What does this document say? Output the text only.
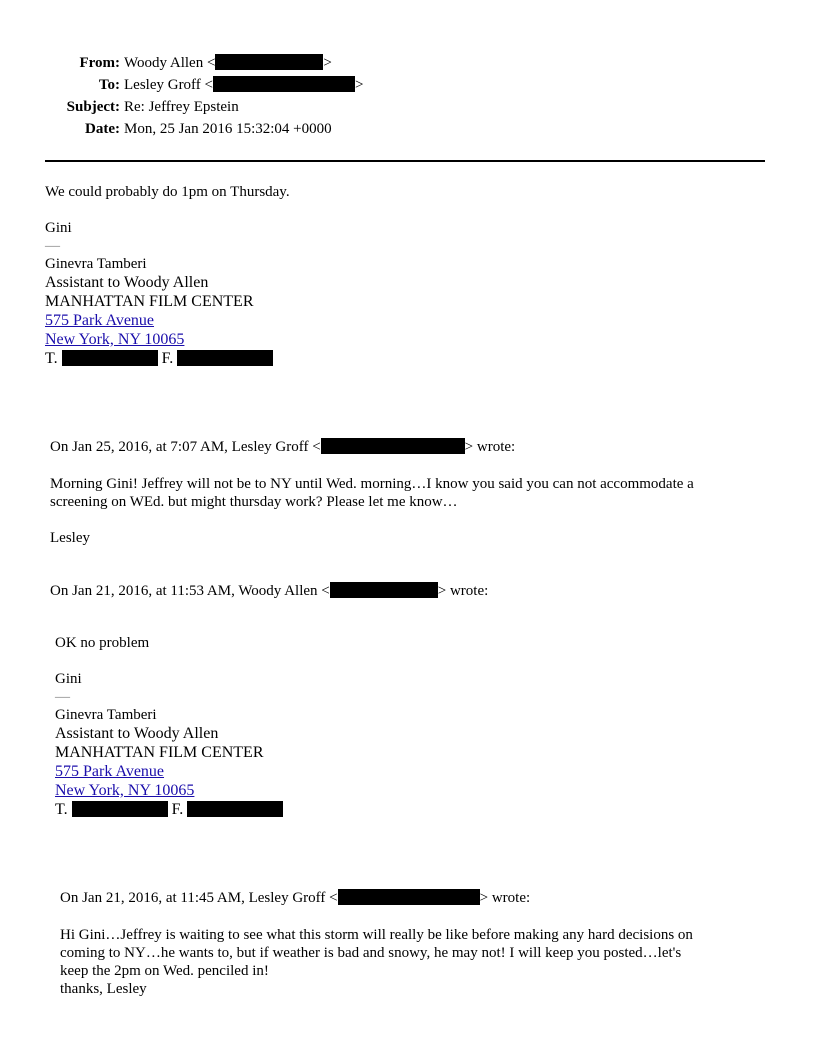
From: Woody Allen <	>
To: Lesley Groff <	>
Subject: Re: Jeffrey Epstein
Date: Mon, 25 Jan 2016 15:32:04 +0000
We could probably do 1pm on Thursday.
Gini
—
Ginevra Tamberi
Assistant to Woody Allen
MANHATTAN FILM CENTER
575 Park Avenue
New York, NY 10065
T.	F.
On Jan 25, 2016, at 7:07 AM, Lesley Groff <	> wrote:
Morning Gini! Jeffrey will not be to NY until Wed. morning…I know you said you can not accommodate a
screening on WEd. but might thursday work? Please let me know…
Lesley
On Jan 21, 2016, at 11:53 AM, Woody Allen <	> wrote:
OK no problem
Gini
—
Ginevra Tamberi
Assistant to Woody Allen
MANHATTAN FILM CENTER
575 Park Avenue
New York, NY 10065
T.	F.
On Jan 21, 2016, at 11:45 AM, Lesley Groff <	> wrote:
Hi Gini…Jeffrey is waiting to see what this storm will really be like before making any hard decisions on
coming to NY…he wants to, but if weather is bad and snowy, he may not! I will keep you posted…let's
keep the 2pm on Wed. penciled in!
thanks, Lesley
